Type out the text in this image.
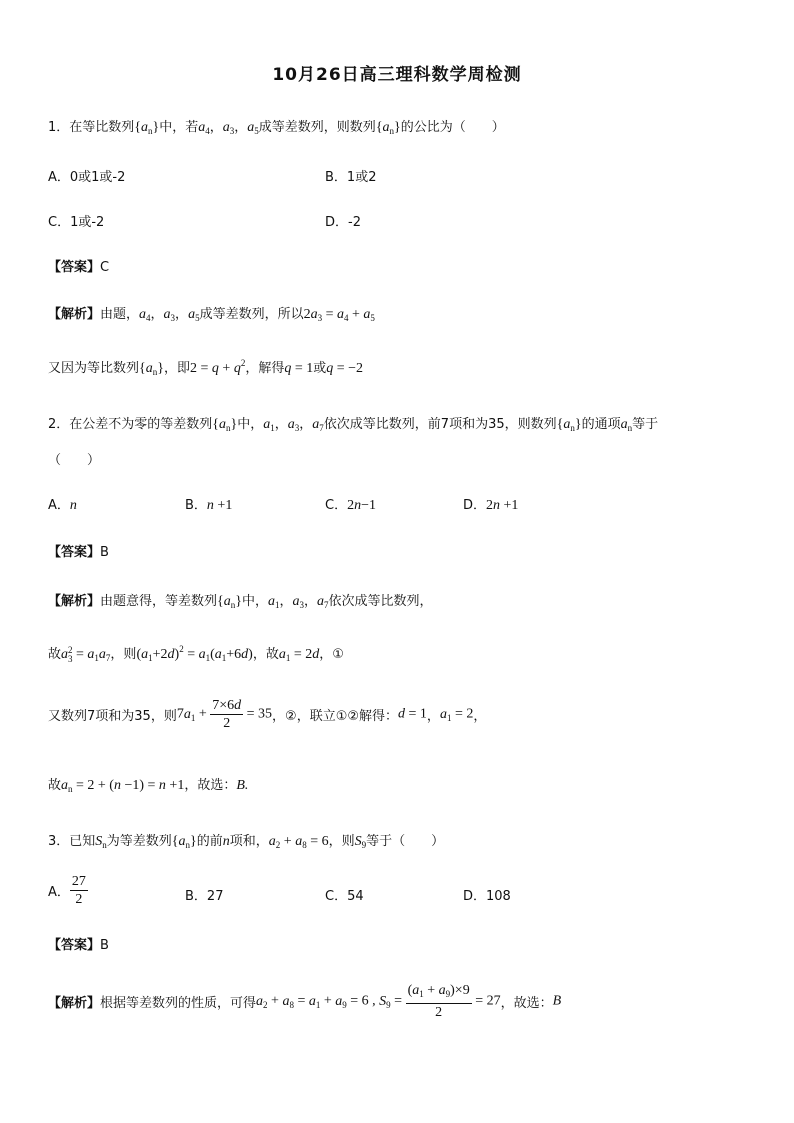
10月26日高三理科数学周检测
1．在等比数列$\{a_n\}$中，若$a_4$，$a_3$，$a_5$成等差数列，则数列$\{a_n\}$的公比为（　　）
A．0或1或-2	B．1或2
C．1或-2	D．-2
【答案】C
【解析】由题，$a_4$，$a_3$，$a_5$成等差数列，所以$2a_3 = a_4 + a_5$
又因为等比数列$\{a_n\}$，即$2 = q + q^2$，解得q = 1或q = −2
2．在公差不为零的等差数列$\{a_n\}$中，$a_1$，$a_3$，$a_7$依次成等比数列，前7项和为35，则数列$\{a_n\}$的通项$a_n$等于
（　　）
A．n	B．n +1	C．2n−1	D．2n +1
【答案】B
【解析】由题意得，等差数列$\{a_n\}$中，$a_1$，$a_3$，$a_7$依次成等比数列，
故a 2
$3 = a_1a_7$，则$(a_1+2d)^2 = a_1(a_1+6d)$，故$a_1 = 2d$，①
又数列7项和为35，则$7a_1 + \frac{7\times 6d}{2} = 35$，②，联立①②解得：d = 1，$a_1 = 2$，
故$a_n = 2 + (n -1) = n +1$，故选：B.
3．已知$S_n$为等差数列$\{a_n\}$的前n项和，$a_2 + a_8 = 6$，则$S_9$等于（　　）
A． $\frac{27}{2}$	B．27	C．54	D．108
【答案】B
【解析】根据等差数列的性质，可得$a_2 + a_8 = a_1 + a_9 = 6$ , $S_9 = \frac{(a_1 + a_9)\times 9}{2} = 27$，故选：B
